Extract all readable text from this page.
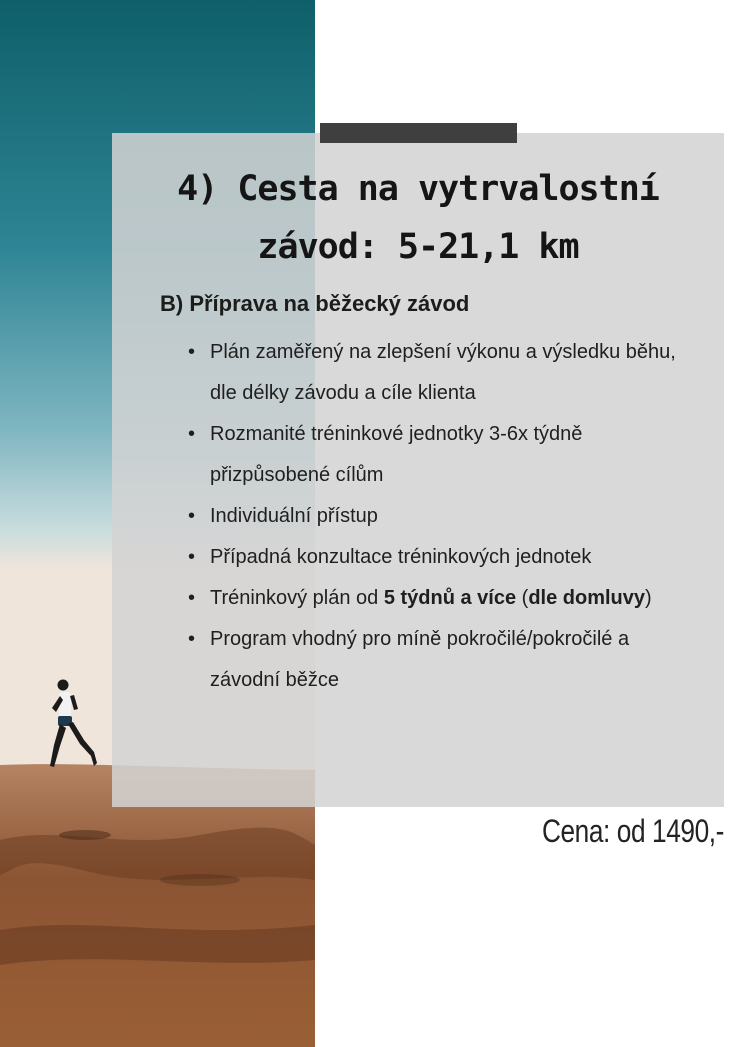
4) Cesta na vytrvalostní závod: 5-21,1 km
B) Příprava na běžecký závod
• Plán zaměřený na zlepšení výkonu a výsledku běhu, dle délky závodu a cíle klienta
• Rozmanité tréninkové jednotky 3-6x týdně přizpůsobené cílům
• Individuální přístup
• Případná konzultace tréninkových jednotek
• Tréninkový plán od 5 týdnů a více (dle domluvy)
• Program vhodný pro míně pokročilé/pokročilé a závodní běžce

Cena: od 1490,-
